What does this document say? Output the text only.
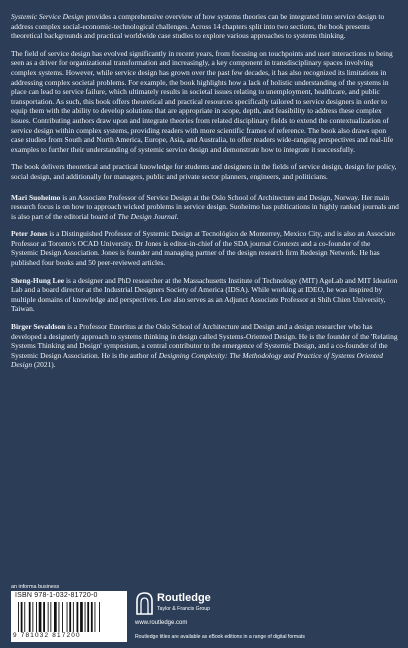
Systemic Service Design provides a comprehensive overview of how systems theories can be integrated into service design to address complex social-economic-technological challenges. Across 14 chapters split into two sections, the book presents theoretical backgrounds and practical worldwide case studies to explore various approaches to systems thinking.

The field of service design has evolved significantly in recent years, from focusing on touchpoints and user interactions to being seen as a driver for organizational transformation and increasingly, a key component in transdisciplinary spaces involving complex systems. However, while service design has grown over the past few decades, it has also recognized its limitations in addressing complex societal problems. For example, the book highlights how a lack of holistic understanding of the systems in place can lead to service failure, which ultimately results in societal issues relating to unemployment, healthcare, and public transportation. As such, this book offers theoretical and practical resources specifically tailored to service designers in order to equip them with the ability to develop solutions that are appropriate in scope, depth, and feasibility to address these complex issues. Contributing authors draw upon and integrate theories from related disciplinary fields to extend the contextualization of service design within complex systems, providing readers with more scientific frames of reference. The book also draws upon case studies from South and North America, Europe, Asia, and Australia, to offer readers wide-ranging perspectives and real-life examples to further their understanding of systemic service design and demonstrate how to integrate it successfully.

The book delivers theoretical and practical knowledge for students and designers in the fields of service design, design for policy, social design, and additionally for managers, public and private sector planners, engineers, and politicians.

Mari Suoheimo is an Associate Professor of Service Design at the Oslo School of Architecture and Design, Norway. Her main research focus is on how to approach wicked problems in service design. Suoheimo has publications in highly ranked journals and is also part of the editorial board of The Design Journal.

Peter Jones is a Distinguished Professor of Systemic Design at Tecnológico de Monterrey, Mexico City, and is also an Associate Professor at Toronto's OCAD University. Dr Jones is editor-in-chief of the SDA journal Contexts and a co-founder of the Systemic Design Association. Jones is founder and managing partner of the design research firm Redesign Network. He has published four books and 50 peer-reviewed articles.

Sheng-Hung Lee is a designer and PhD researcher at the Massachusetts Institute of Technology (MIT) AgeLab and MIT Ideation Lab and a board director at the Industrial Designers Society of America (IDSA). While working at IDEO, he was inspired by multiple domains of knowledge and perspectives. Lee also serves as an Adjunct Associate Professor at Shih Chien University, Taiwan.

Birger Sevaldson is a Professor Emeritus at the Oslo School of Architecture and Design and a design researcher who has developed a designerly approach to systems thinking in design called Systems-Oriented Design. He is the founder of the 'Relating Systems Thinking and Design' symposium, a central contributor to the emergence of Systemic Design, and a co-founder of the Systemic Design Association. He is the author of Designing Complexity: The Methodology and Practice of Systems Oriented Design (2021).

an informa business
ISBN 978-1-032-81720-0
9 781032 817200
Routledge
Taylor & Francis Group
www.routledge.com
Routledge titles are available as eBook editions in a range of digital formats
